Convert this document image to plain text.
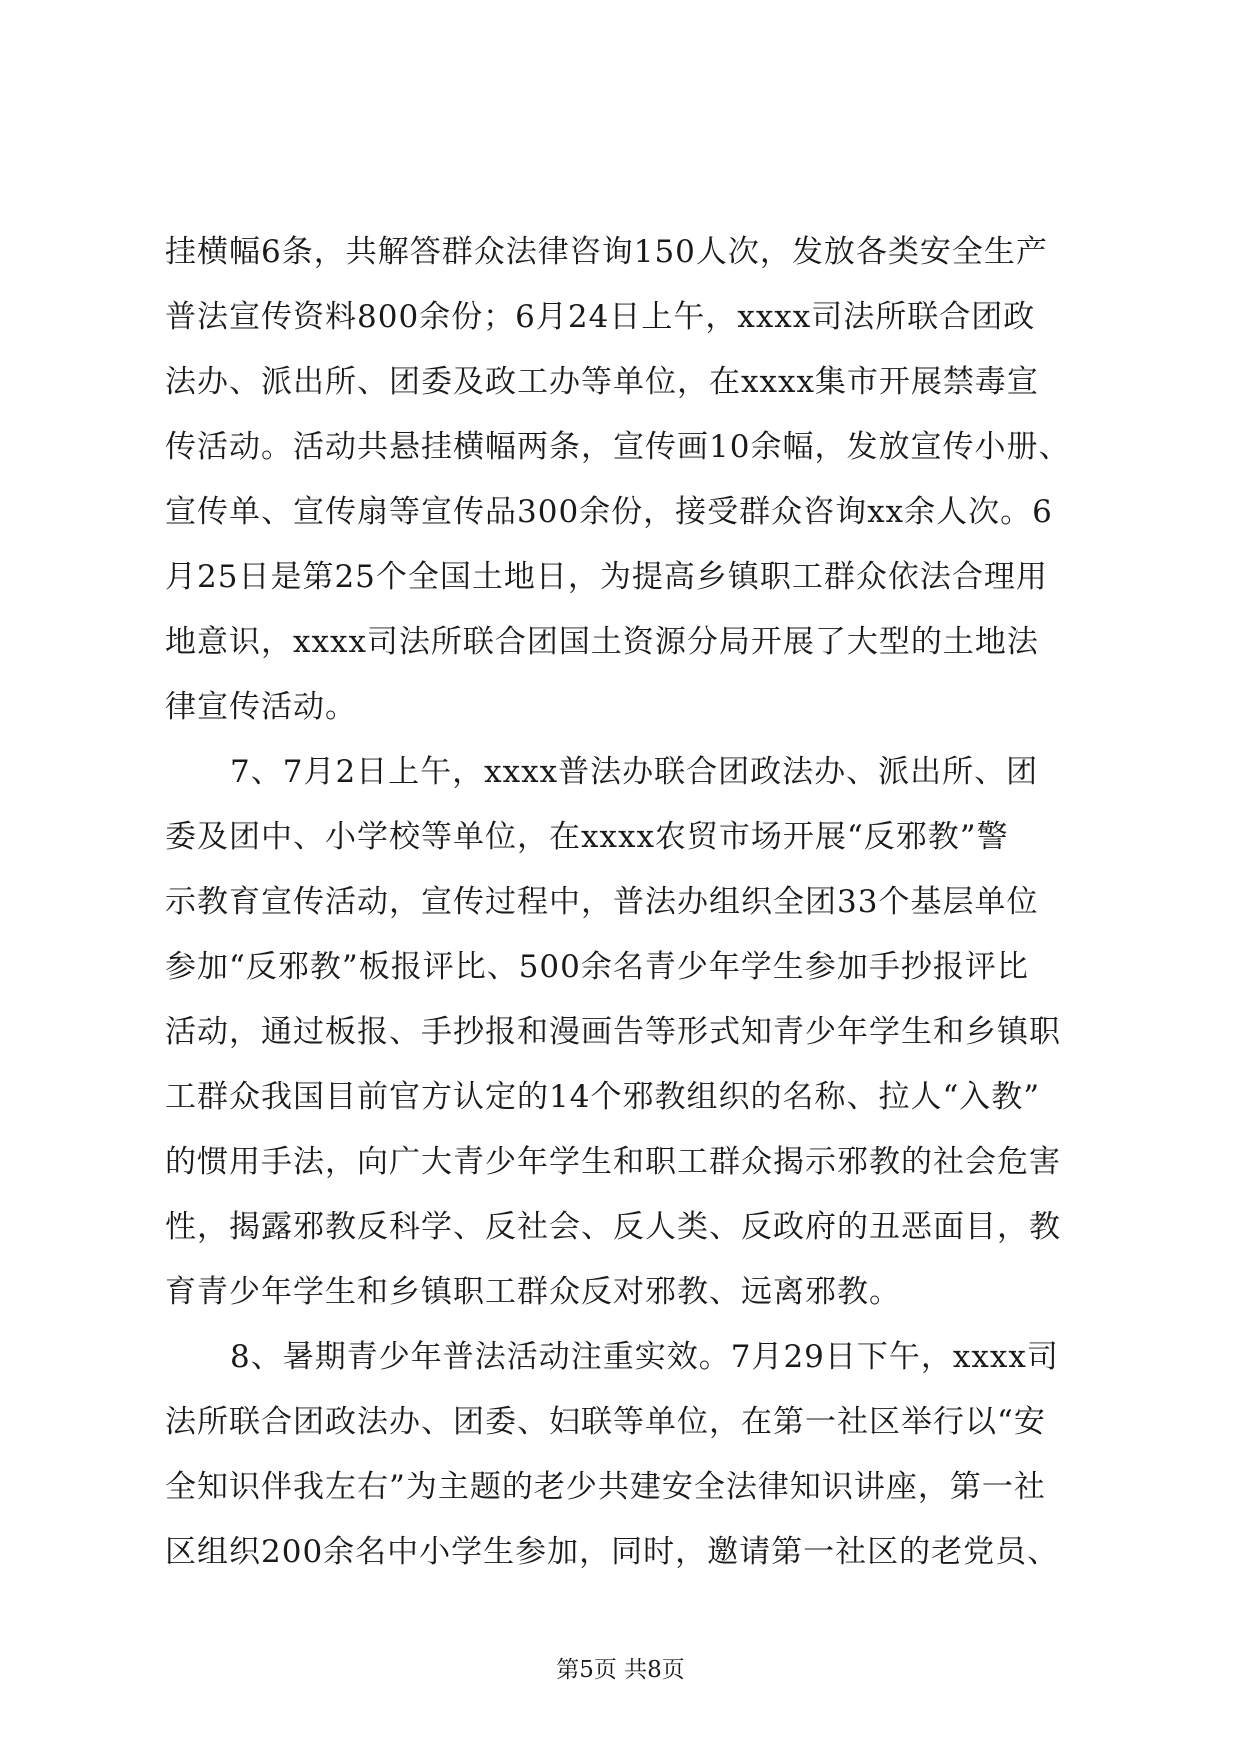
挂横幅6条，共解答群众法律咨询150人次，发放各类安全生产
普法宣传资料800余份；6月24日上午，xxxx司法所联合团政
法办、派出所、团委及政工办等单位，在xxxx集市开展禁毒宣
传活动。活动共悬挂横幅两条，宣传画10余幅，发放宣传小册、
宣传单、宣传扇等宣传品300余份，接受群众咨询xx余人次。6
月25日是第25个全国土地日，为提高乡镇职工群众依法合理用
地意识，xxxx司法所联合团国土资源分局开展了大型的土地法
律宣传活动。
7、7月2日上午，xxxx普法办联合团政法办、派出所、团
委及团中、小学校等单位，在xxxx农贸市场开展“反邪教”警
示教育宣传活动，宣传过程中，普法办组织全团33个基层单位
参加“反邪教”板报评比、500余名青少年学生参加手抄报评比
活动，通过板报、手抄报和漫画告等形式知青少年学生和乡镇职
工群众我国目前官方认定的14个邪教组织的名称、拉人“入教”
的惯用手法，向广大青少年学生和职工群众揭示邪教的社会危害
性，揭露邪教反科学、反社会、反人类、反政府的丑恶面目，教
育青少年学生和乡镇职工群众反对邪教、远离邪教。
8、暑期青少年普法活动注重实效。7月29日下午，xxxx司
法所联合团政法办、团委、妇联等单位，在第一社区举行以“安
全知识伴我左右”为主题的老少共建安全法律知识讲座，第一社
区组织200余名中小学生参加，同时，邀请第一社区的老党员、
第5页 共8页
